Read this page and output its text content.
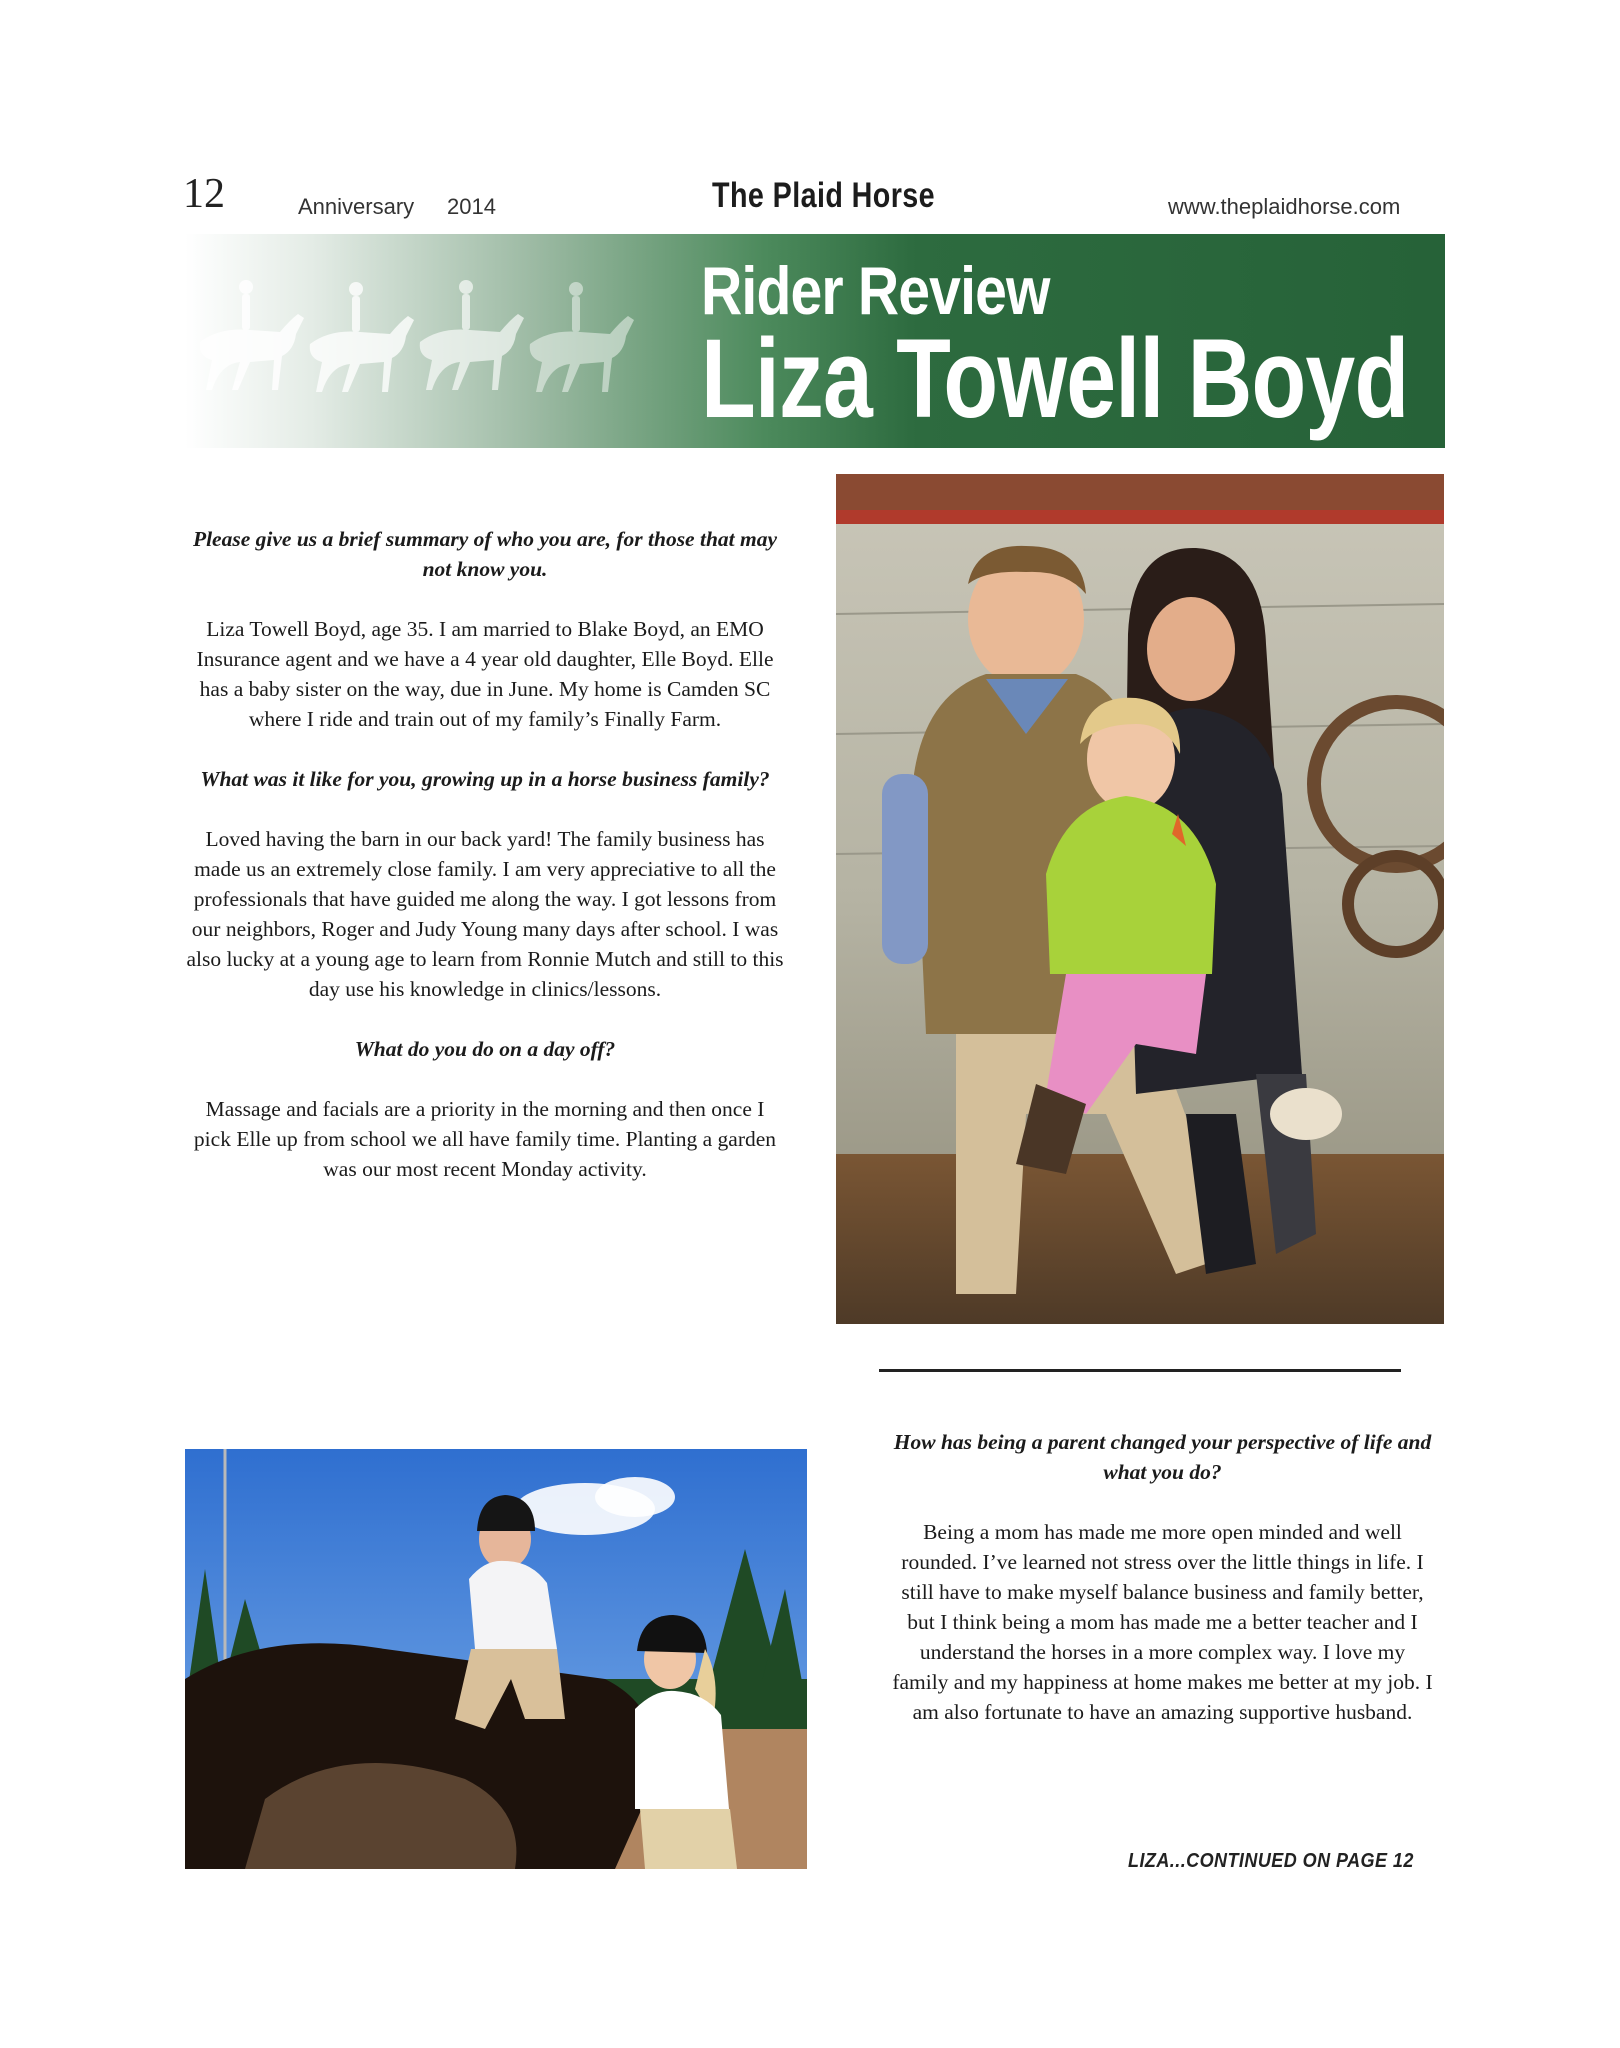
12	Anniversary 2014	The Plaid Horse	www.theplaidhorse.com
Rider Review
Liza Towell Boyd

Please give us a brief summary of who you are, for those that may not know you.

Liza Towell Boyd, age 35. I am married to Blake Boyd, an EMO Insurance agent and we have a 4 year old daughter, Elle Boyd. Elle has a baby sister on the way, due in June. My home is Camden SC where I ride and train out of my family’s Finally Farm.

What was it like for you, growing up in a horse business family?

Loved having the barn in our back yard! The family business has made us an extremely close family. I am very appreciative to all the professionals that have guided me along the way. I got lessons from our neighbors, Roger and Judy Young many days after school. I was also lucky at a young age to learn from Ronnie Mutch and still to this day use his knowledge in clinics/lessons.

What do you do on a day off?

Massage and facials are a priority in the morning and then once I pick Elle up from school we all have family time. Planting a garden was our most recent Monday activity.

How has being a parent changed your perspective of life and what you do?

Being a mom has made me more open minded and well rounded. I’ve learned not stress over the little things in life. I still have to make myself balance business and family better, but I think being a mom has made me a better teacher and I understand the horses in a more complex way. I love my family and my happiness at home makes me better at my job. I am also fortunate to have an amazing supportive husband.

LIZA...CONTINUED ON PAGE 12
